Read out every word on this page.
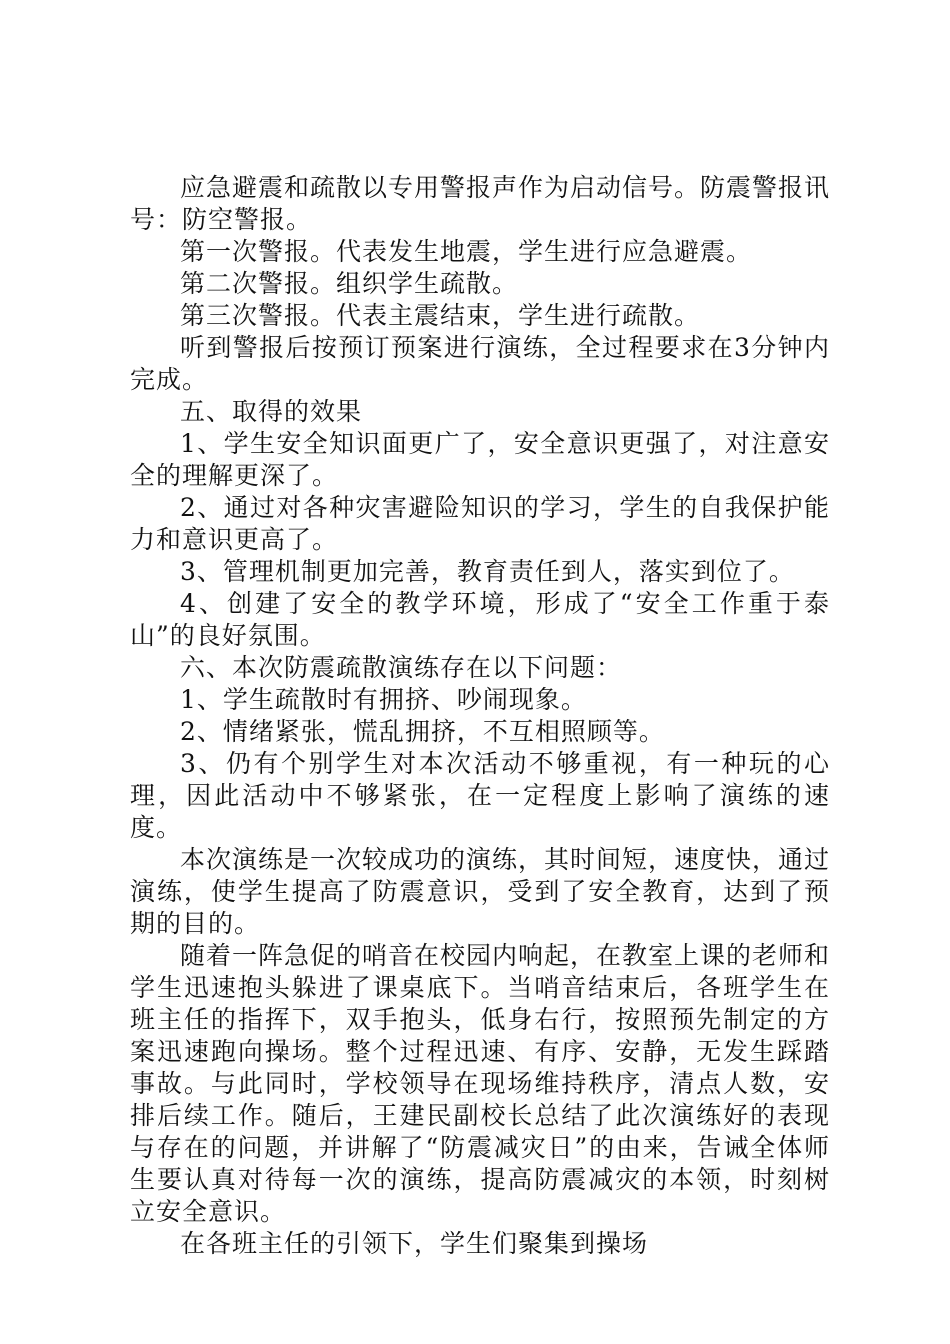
应急避震和疏散以专用警报声作为启动信号。防震警报讯号：防空警报。

第一次警报。代表发生地震，学生进行应急避震。

第二次警报。组织学生疏散。

第三次警报。代表主震结束，学生进行疏散。

听到警报后按预订预案进行演练，全过程要求在3分钟内完成。

五、取得的效果

1、学生安全知识面更广了，安全意识更强了，对注意安全的理解更深了。

2、通过对各种灾害避险知识的学习，学生的自我保护能力和意识更高了。

3、管理机制更加完善，教育责任到人，落实到位了。

4、创建了安全的教学环境，形成了“安全工作重于泰山”的良好氛围。

六、本次防震疏散演练存在以下问题：

1、学生疏散时有拥挤、吵闹现象。

2、情绪紧张，慌乱拥挤，不互相照顾等。

3、仍有个别学生对本次活动不够重视，有一种玩的心理，因此活动中不够紧张，在一定程度上影响了演练的速度。

本次演练是一次较成功的演练，其时间短，速度快，通过演练，使学生提高了防震意识，受到了安全教育，达到了预期的目的。

随着一阵急促的哨音在校园内响起，在教室上课的老师和学生迅速抱头躲进了课桌底下。当哨音结束后，各班学生在班主任的指挥下，双手抱头，低身右行，按照预先制定的方案迅速跑向操场。整个过程迅速、有序、安静，无发生踩踏事故。与此同时，学校领导在现场维持秩序，清点人数，安排后续工作。随后，王建民副校长总结了此次演练好的表现与存在的问题，并讲解了“防震减灾日”的由来，告诫全体师生要认真对待每一次的演练，提高防震减灾的本领，时刻树立安全意识。

在各班主任的引领下，学生们聚集到操场
